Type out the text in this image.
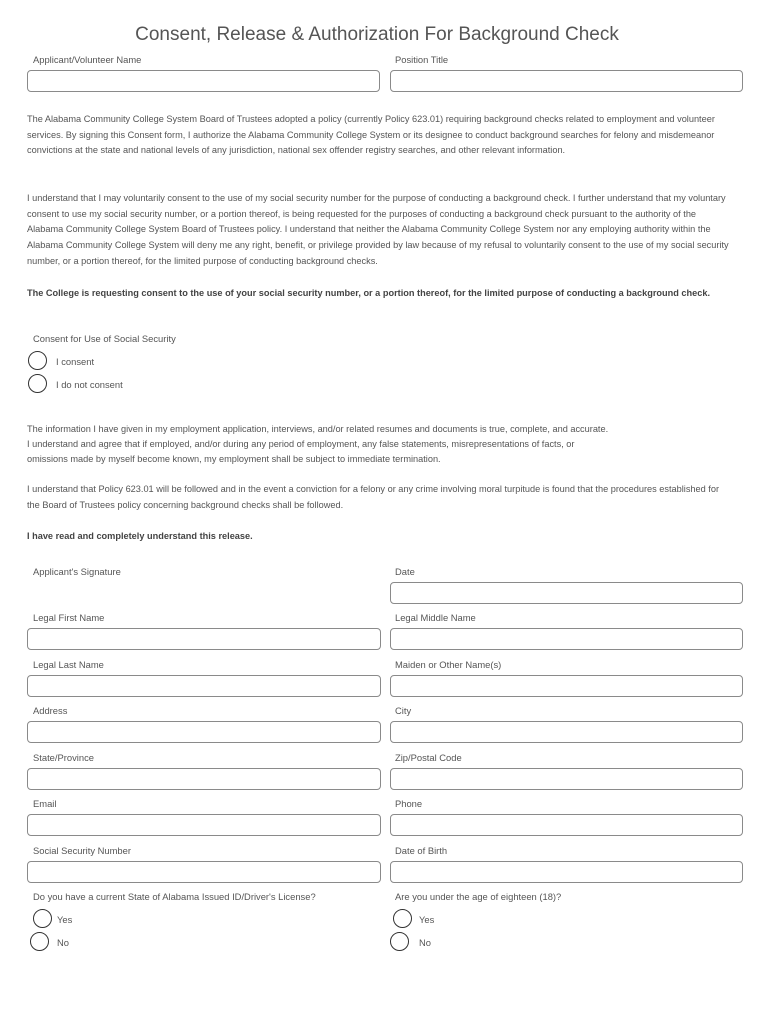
Consent, Release & Authorization For Background Check
Applicant/Volunteer Name	Position Title

The Alabama Community College System Board of Trustees adopted a policy (currently Policy 623.01) requiring background checks related to employment and volunteer services. By signing this Consent form, I authorize the Alabama Community College System or its designee to conduct background searches for felony and misdemeanor convictions at the state and national levels of any jurisdiction, national sex offender registry searches, and other relevant information.

I understand that I may voluntarily consent to the use of my social security number for the purpose of conducting a background check. I further understand that my voluntary consent to use my social security number, or a portion thereof, is being requested for the purposes of conducting a background check pursuant to the authority of the Alabama Community College System Board of Trustees policy. I understand that neither the Alabama Community College System nor any employing authority within the Alabama Community College System will deny me any right, benefit, or privilege provided by law because of my refusal to voluntarily consent to the use of my social security number, or a portion thereof, for the limited purpose of conducting background checks.

The College is requesting consent to the use of your social security number, or a portion thereof, for the limited purpose of conducting a background check.

Consent for Use of Social Security
I consent
I do not consent

The information I have given in my employment application, interviews, and/or related resumes and documents is true, complete, and accurate.

I understand and agree that if employed, and/or during any period of employment, any false statements, misrepresentations of facts, or

omissions made by myself become known, my employment shall be subject to immediate termination.

I understand that Policy 623.01 will be followed and in the event a conviction for a felony or any crime involving moral turpitude is found that the procedures established for the Board of Trustees policy concerning background checks shall be followed.

I have read and completely understand this release.

Applicant's Signature	Date
Legal First Name	Legal Middle Name
Legal Last Name	Maiden or Other Name(s)
Address	City
State/Province	Zip/Postal Code
Email	Phone
Social Security Number	Date of Birth
Do you have a current State of Alabama Issued ID/Driver's License?	Are you under the age of eighteen (18)?
Yes
No
Yes
No
